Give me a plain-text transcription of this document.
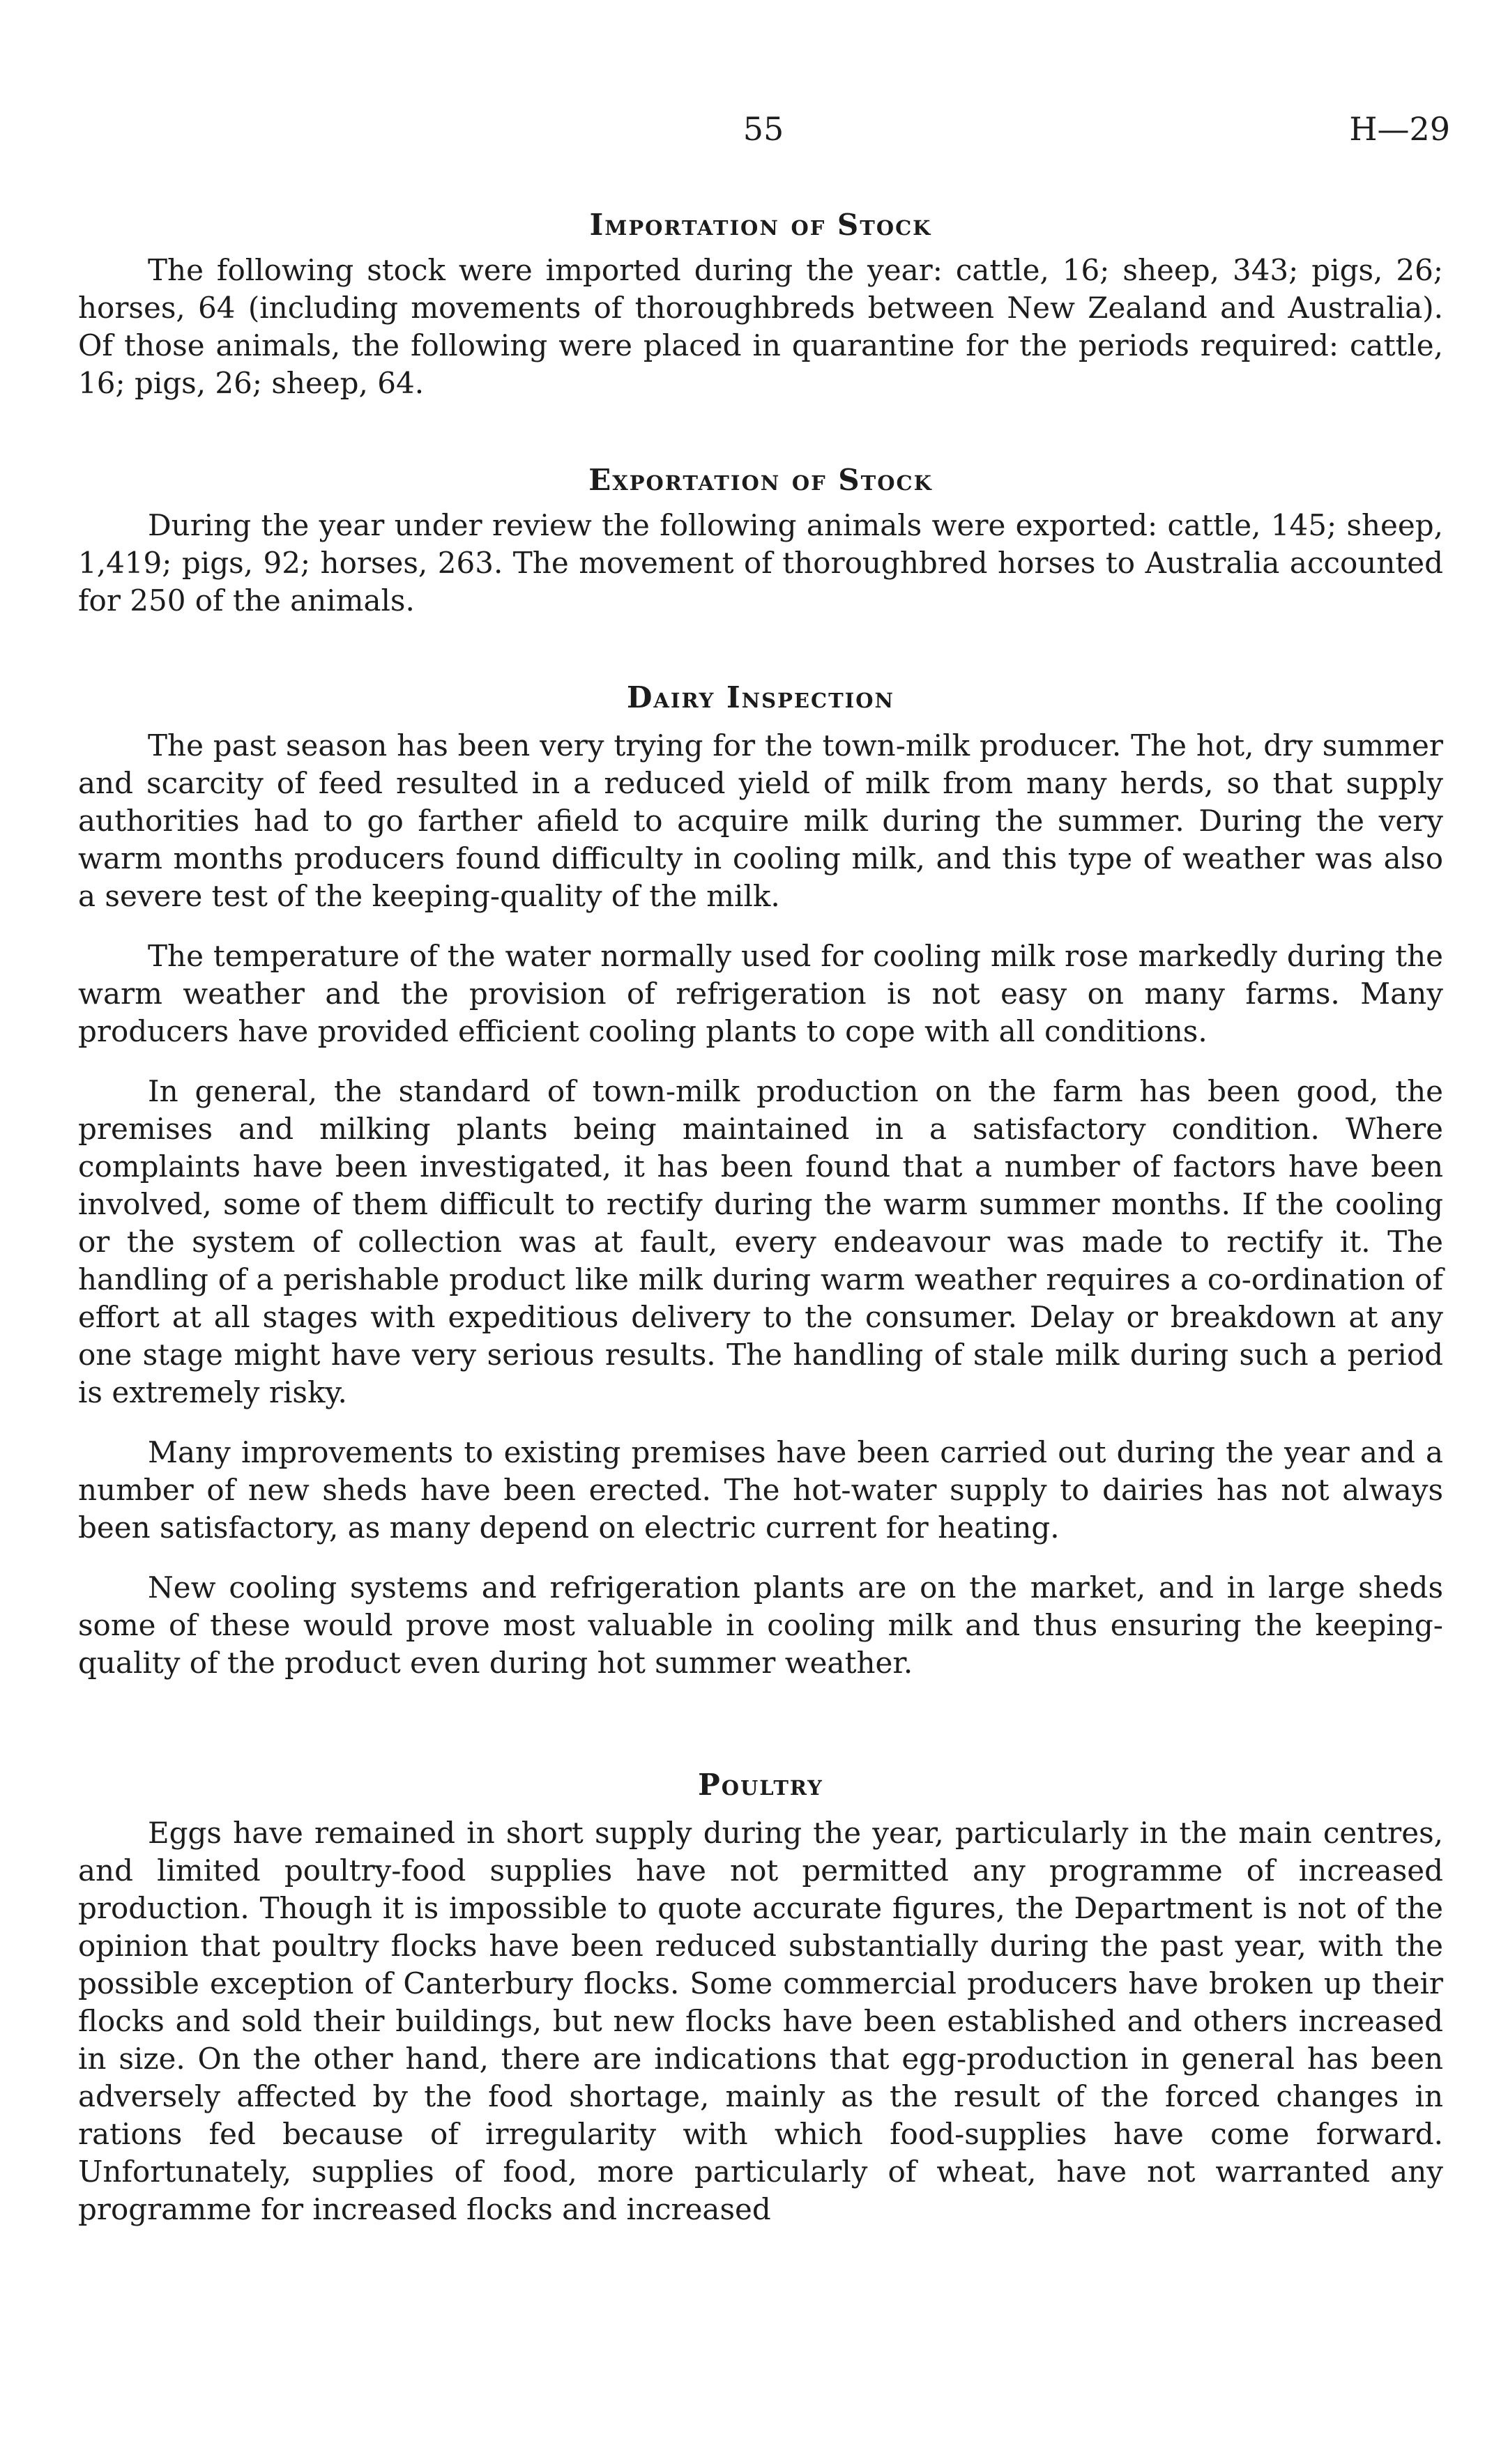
55	H—29
Importation of Stock

The following stock were imported during the year: cattle, 16; sheep, 343; pigs, 26; horses, 64 (including movements of thoroughbreds between New Zealand and Australia). Of those animals, the following were placed in quarantine for the periods required: cattle, 16; pigs, 26; sheep, 64.

Exportation of Stock

During the year under review the following animals were exported: cattle, 145; sheep, 1,419; pigs, 92; horses, 263. The movement of thoroughbred horses to Australia accounted for 250 of the animals.

Dairy Inspection

The past season has been very trying for the town-milk producer. The hot, dry summer and scarcity of feed resulted in a reduced yield of milk from many herds, so that supply authorities had to go farther afield to acquire milk during the summer. During the very warm months producers found difficulty in cooling milk, and this type of weather was also a severe test of the keeping-quality of the milk.

The temperature of the water normally used for cooling milk rose markedly during the warm weather and the provision of refrigeration is not easy on many farms. Many producers have provided efficient cooling plants to cope with all conditions.

In general, the standard of town-milk production on the farm has been good, the premises and milking plants being maintained in a satisfactory condition. Where complaints have been investigated, it has been found that a number of factors have been involved, some of them difficult to rectify during the warm summer months. If the cooling or the system of collection was at fault, every endeavour was made to rectify it. The handling of a perishable product like milk during warm weather requires a co-ordination of effort at all stages with expeditious delivery to the consumer. Delay or breakdown at any one stage might have very serious results. The handling of stale milk during such a period is extremely risky.

Many improvements to existing premises have been carried out during the year and a number of new sheds have been erected. The hot-water supply to dairies has not always been satisfactory, as many depend on electric current for heating.

New cooling systems and refrigeration plants are on the market, and in large sheds some of these would prove most valuable in cooling milk and thus ensuring the keeping-quality of the product even during hot summer weather.

Poultry

Eggs have remained in short supply during the year, particularly in the main centres, and limited poultry-food supplies have not permitted any programme of increased production. Though it is impossible to quote accurate figures, the Department is not of the opinion that poultry flocks have been reduced substantially during the past year, with the possible exception of Canterbury flocks. Some commercial producers have broken up their flocks and sold their buildings, but new flocks have been established and others increased in size. On the other hand, there are indications that egg-production in general has been adversely affected by the food shortage, mainly as the result of the forced changes in rations fed because of irregularity with which food-supplies have come forward. Unfortunately, supplies of food, more particularly of wheat, have not warranted any programme for increased flocks and increased
